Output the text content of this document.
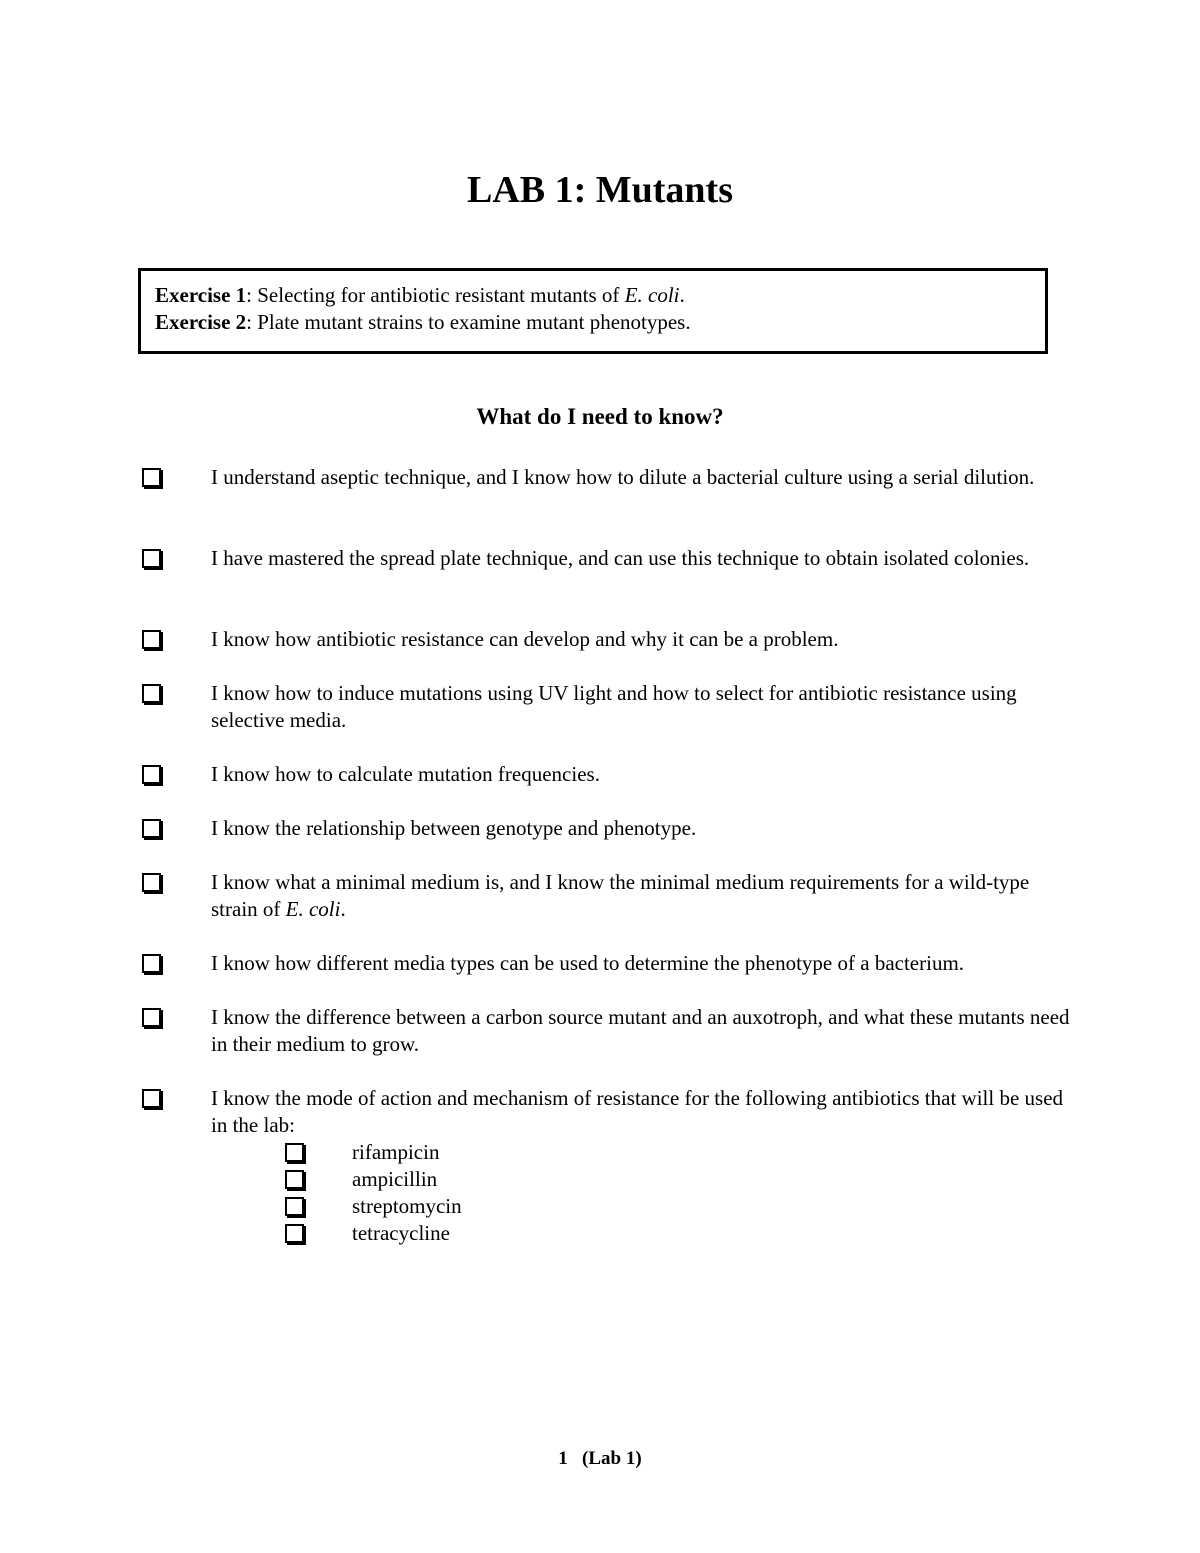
LAB 1: Mutants
Exercise 1: Selecting for antibiotic resistant mutants of E. coli.
Exercise 2: Plate mutant strains to examine mutant phenotypes.
What do I need to know?
I understand aseptic technique, and I know how to dilute a bacterial culture using a serial dilution.
I have mastered the spread plate technique, and can use this technique to obtain isolated colonies.
I know how antibiotic resistance can develop and why it can be a problem.
I know how to induce mutations using UV light and how to select for antibiotic resistance using selective media.
I know how to calculate mutation frequencies.
I know the relationship between genotype and phenotype.
I know what a minimal medium is, and I know the minimal medium requirements for a wild-type strain of E. coli.
I know how different media types can be used to determine the phenotype of a bacterium.
I know the difference between a carbon source mutant and an auxotroph, and what these mutants need in their medium to grow.
I know the mode of action and mechanism of resistance for the following antibiotics that will be used in the lab:
rifampicin
ampicillin
streptomycin
tetracycline
1   (Lab 1)
